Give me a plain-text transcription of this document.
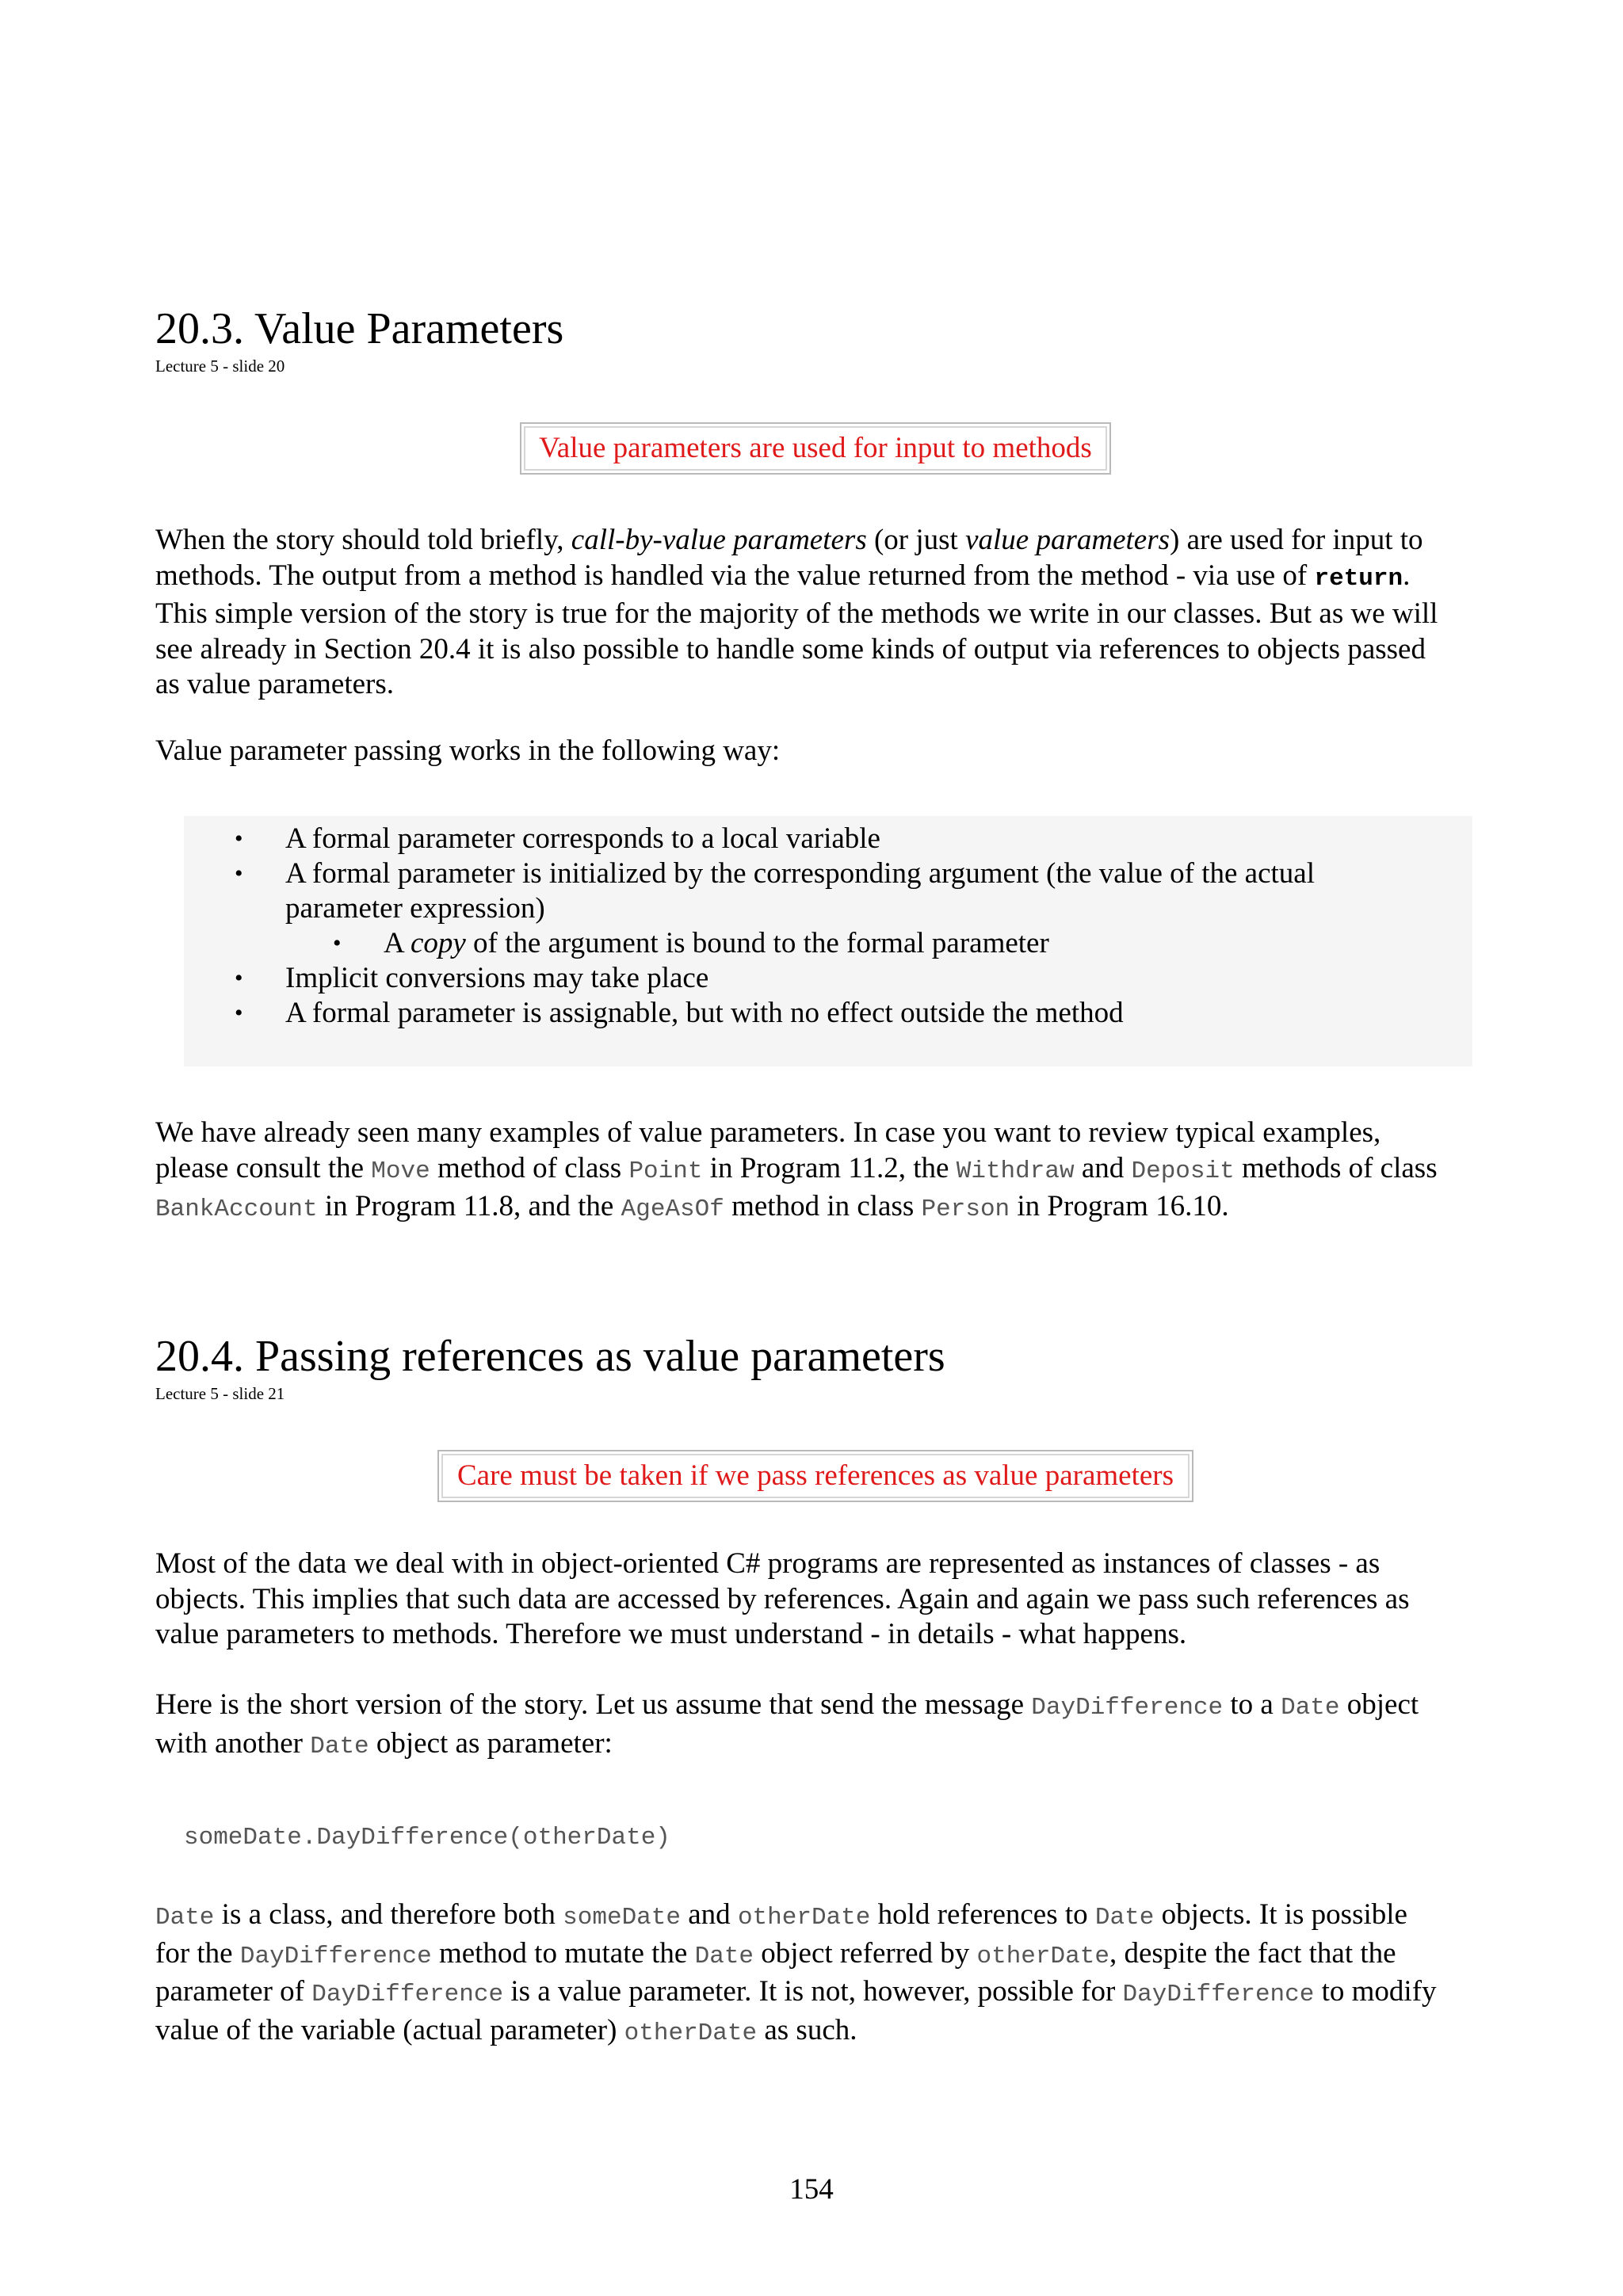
20.3. Value Parameters
Lecture 5 - slide 20
Value parameters are used for input to methods

When the story should told briefly, call-by-value parameters (or just value parameters) are used for input to
methods. The output from a method is handled via the value returned from the method - via use of return.
This simple version of the story is true for the majority of the methods we write in our classes. But as we will
see already in Section 20.4 it is also possible to handle some kinds of output via references to objects passed
as value parameters.

Value parameter passing works in the following way:

• A formal parameter corresponds to a local variable
• A formal parameter is initialized by the corresponding argument (the value of the actual
parameter expression)
• A copy of the argument is bound to the formal parameter
• Implicit conversions may take place
• A formal parameter is assignable, but with no effect outside the method

We have already seen many examples of value parameters. In case you want to review typical examples,
please consult the Move method of class Point in Program 11.2, the Withdraw and Deposit methods of class
BankAccount in Program 11.8, and the AgeAsOf method in class Person in Program 16.10.

20.4. Passing references as value parameters
Lecture 5 - slide 21
Care must be taken if we pass references as value parameters

Most of the data we deal with in object-oriented C# programs are represented as instances of classes - as
objects. This implies that such data are accessed by references. Again and again we pass such references as
value parameters to methods. Therefore we must understand - in details - what happens.

Here is the short version of the story. Let us assume that send the message DayDifference to a Date object
with another Date object as parameter:

someDate.DayDifference(otherDate)

Date is a class, and therefore both someDate and otherDate hold references to Date objects. It is possible
for the DayDifference method to mutate the Date object referred by otherDate, despite the fact that the
parameter of DayDifference is a value parameter. It is not, however, possible for DayDifference to modify
value of the variable (actual parameter) otherDate as such.

154
